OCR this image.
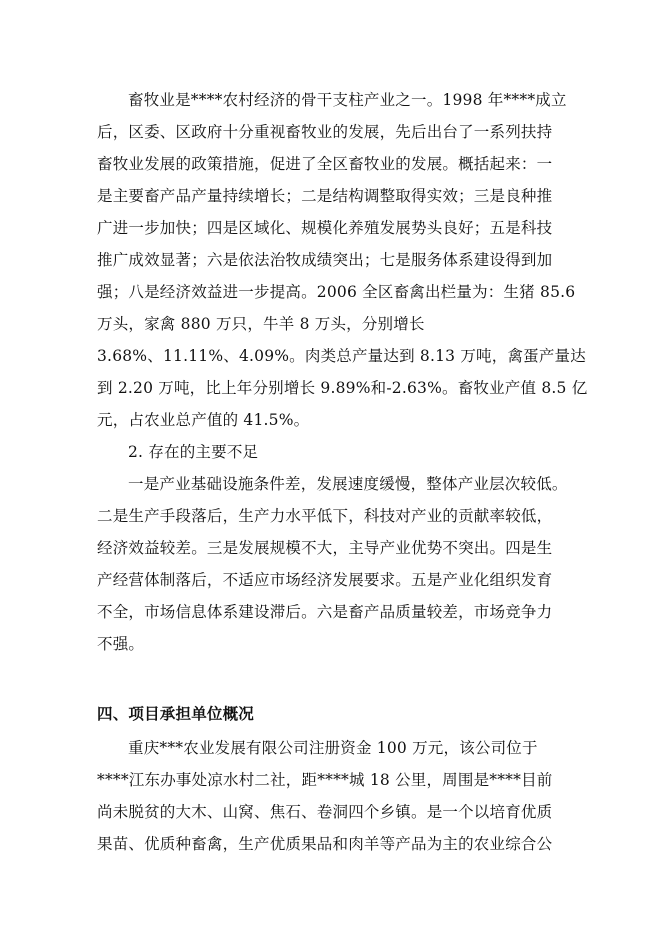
畜牧业是****农村经济的骨干支柱产业之一。1998 年****成立
后，区委、区政府十分重视畜牧业的发展，先后出台了一系列扶持
畜牧业发展的政策措施，促进了全区畜牧业的发展。概括起来：一
是主要畜产品产量持续增长；二是结构调整取得实效；三是良种推
广进一步加快；四是区域化、规模化养殖发展势头良好；五是科技
推广成效显著；六是依法治牧成绩突出；七是服务体系建设得到加
强；八是经济效益进一步提高。2006 全区畜禽出栏量为：生猪 85.6
万头，家禽 880 万只，牛羊 8 万头，分别增长
3.68%、11.11%、4.09%。肉类总产量达到 8.13 万吨，禽蛋产量达
到 2.20 万吨，比上年分别增长 9.89%和-2.63%。畜牧业产值 8.5 亿
元，占农业总产值的 41.5%。
2. 存在的主要不足
一是产业基础设施条件差，发展速度缓慢，整体产业层次较低。
二是生产手段落后，生产力水平低下，科技对产业的贡献率较低，
经济效益较差。三是发展规模不大，主导产业优势不突出。四是生
产经营体制落后，不适应市场经济发展要求。五是产业化组织发育
不全，市场信息体系建设滞后。六是畜产品质量较差，市场竞争力
不强。
四、项目承担单位概况
重庆***农业发展有限公司注册资金 100 万元，该公司位于
****江东办事处凉水村二社，距****城 18 公里，周围是****目前
尚未脱贫的大木、山窝、焦石、卷洞四个乡镇。是一个以培育优质
果苗、优质种畜禽，生产优质果品和肉羊等产品为主的农业综合公
